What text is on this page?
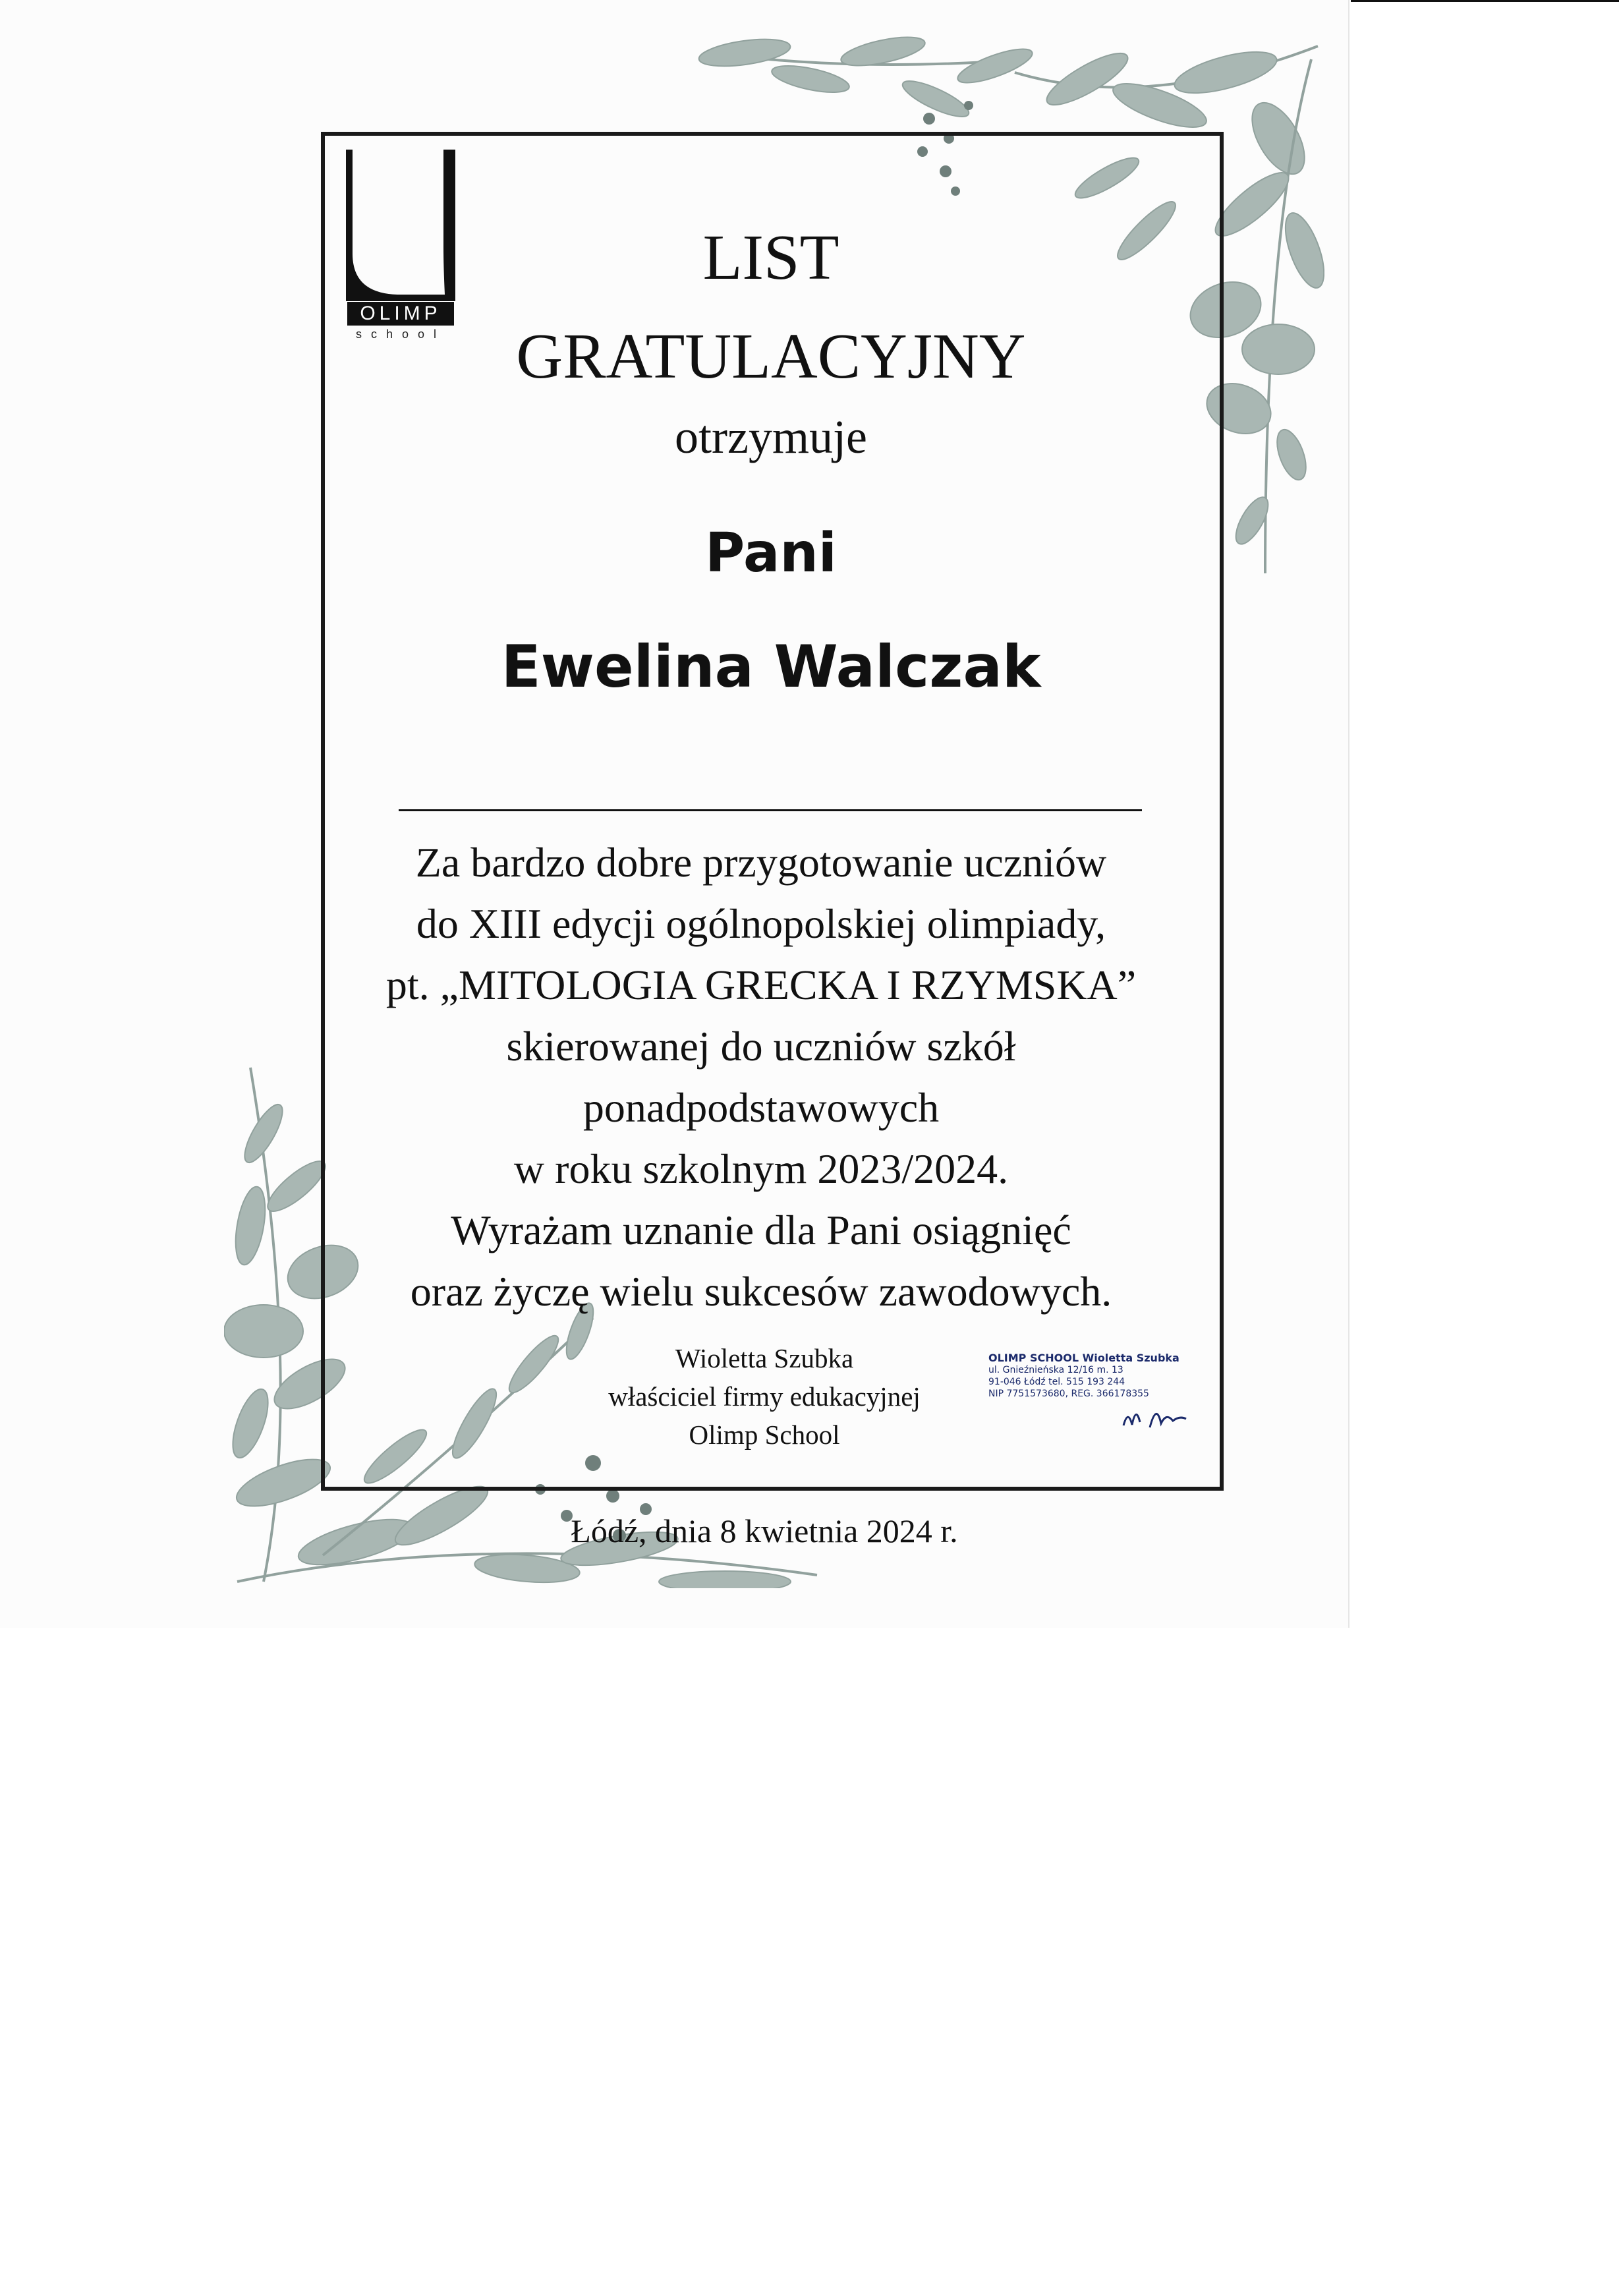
OLIMP
school
LIST
GRATULACYJNY
otrzymuje
Pani
Ewelina Walczak
Za bardzo dobre przygotowanie uczniów
do XIII edycji ogólnopolskiej olimpiady,
pt. „MITOLOGIA GRECKA I RZYMSKA”
skierowanej do uczniów szkół
ponadpodstawowych
w roku szkolnym 2023/2024.
Wyrażam uznanie dla Pani osiągnięć
oraz życzę wielu sukcesów zawodowych.
Wioletta Szubka
właściciel firmy edukacyjnej
Olimp School
OLIMP SCHOOL Wioletta Szubka
ul. Gnieźnieńska 12/16 m. 13
91-046 Łódź tel. 515 193 244
NIP 7751573680, REG. 366178355
Łódź, dnia 8 kwietnia 2024 r.
